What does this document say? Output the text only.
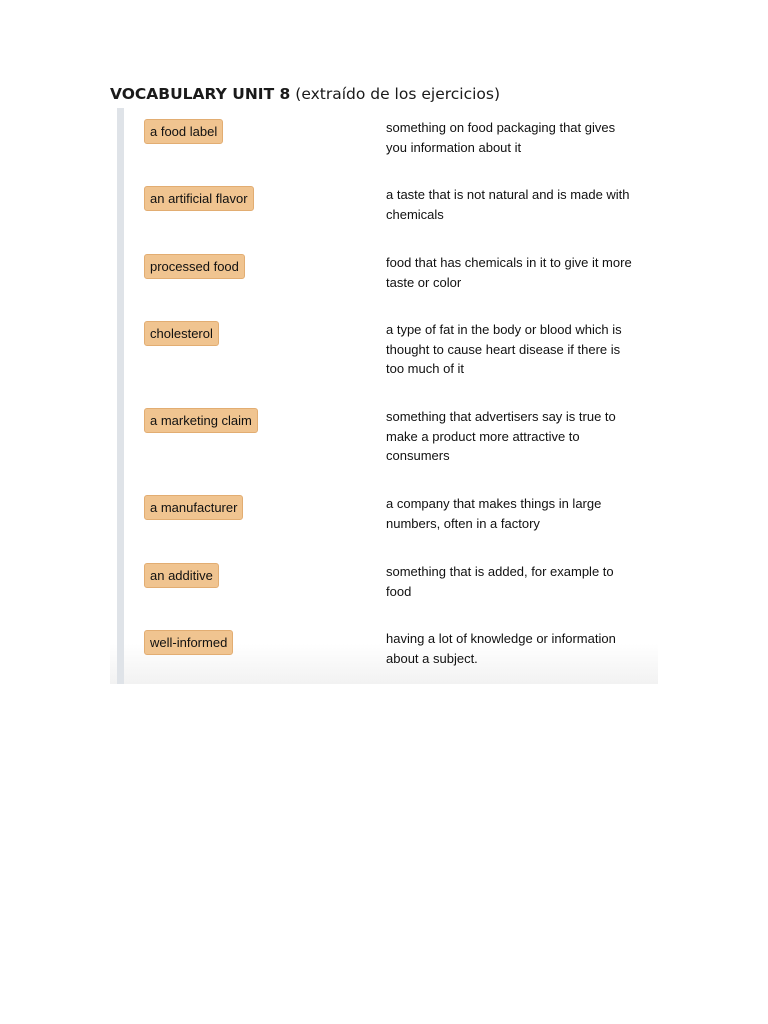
VOCABULARY UNIT 8 (extraído de los ejercicios)
a food label	something on food packaging that gives you information about it

an artificial flavor	a taste that is not natural and is made with chemicals

processed food	food that has chemicals in it to give it more taste or color

cholesterol	a type of fat in the body or blood which is thought to cause heart disease if there is too much of it

a marketing claim	something that advertisers say is true to make a product more attractive to consumers

a manufacturer	a company that makes things in large numbers, often in a factory

an additive	something that is added, for example to food

well-informed	having a lot of knowledge or information about a subject.
